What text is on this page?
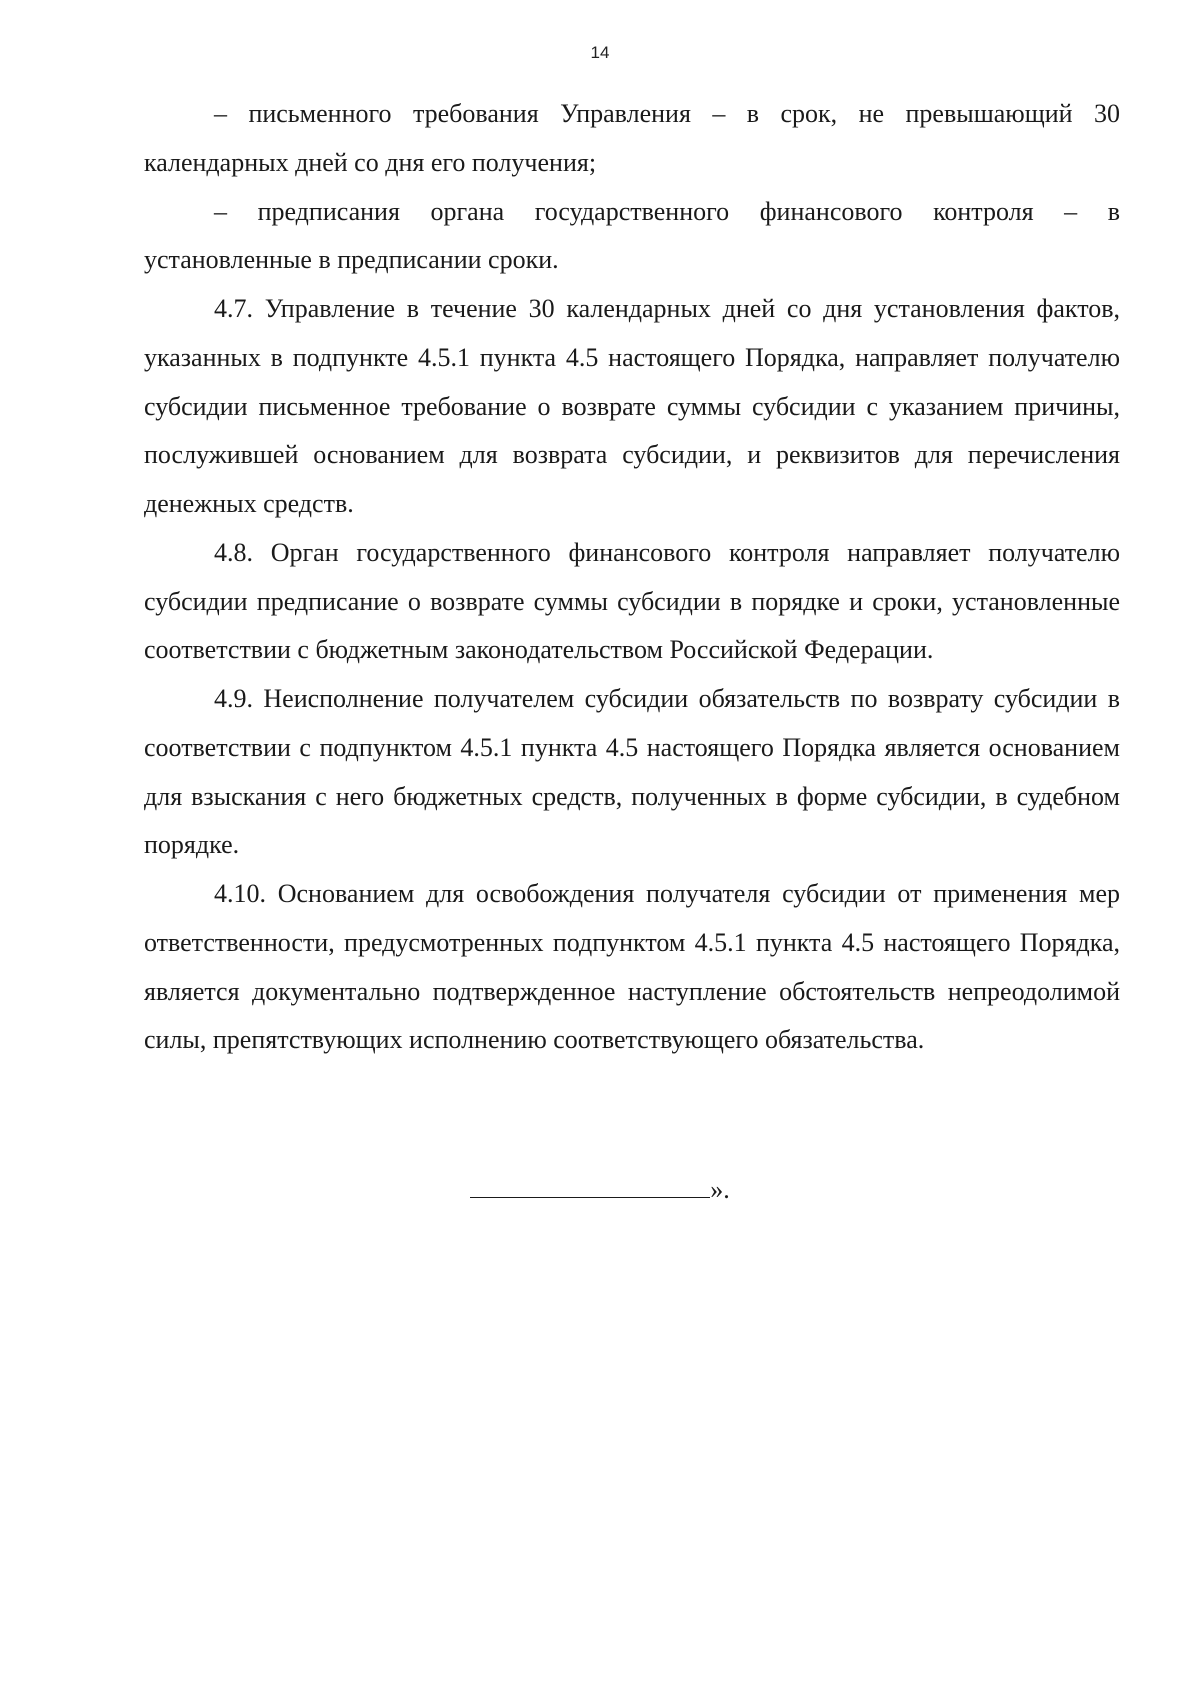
14

– письменного требования Управления – в срок, не превышающий 30 календарных дней со дня его получения;

– предписания органа государственного финансового контроля – в установленные в предписании сроки.

4.7. Управление в течение 30 календарных дней со дня установления фактов, указанных в подпункте 4.5.1 пункта 4.5 настоящего Порядка, направляет получателю субсидии письменное требование о возврате суммы субсидии с указанием причины, послужившей основанием для возврата субсидии, и реквизитов для перечисления денежных средств.

4.8. Орган государственного финансового контроля направляет получателю субсидии предписание о возврате суммы субсидии в порядке и сроки, установленные соответствии с бюджетным законодательством Российской Федерации.

4.9. Неисполнение получателем субсидии обязательств по возврату субсидии в соответствии с подпунктом 4.5.1 пункта 4.5 настоящего Порядка является основанием для взыскания с него бюджетных средств, полученных в форме субсидии, в судебном порядке.

4.10. Основанием для освобождения получателя субсидии от применения мер ответственности, предусмотренных подпунктом 4.5.1 пункта 4.5 настоящего Порядка, является документально подтвержденное наступление обстоятельств непреодолимой силы, препятствующих исполнению соответствующего обязательства.

».
